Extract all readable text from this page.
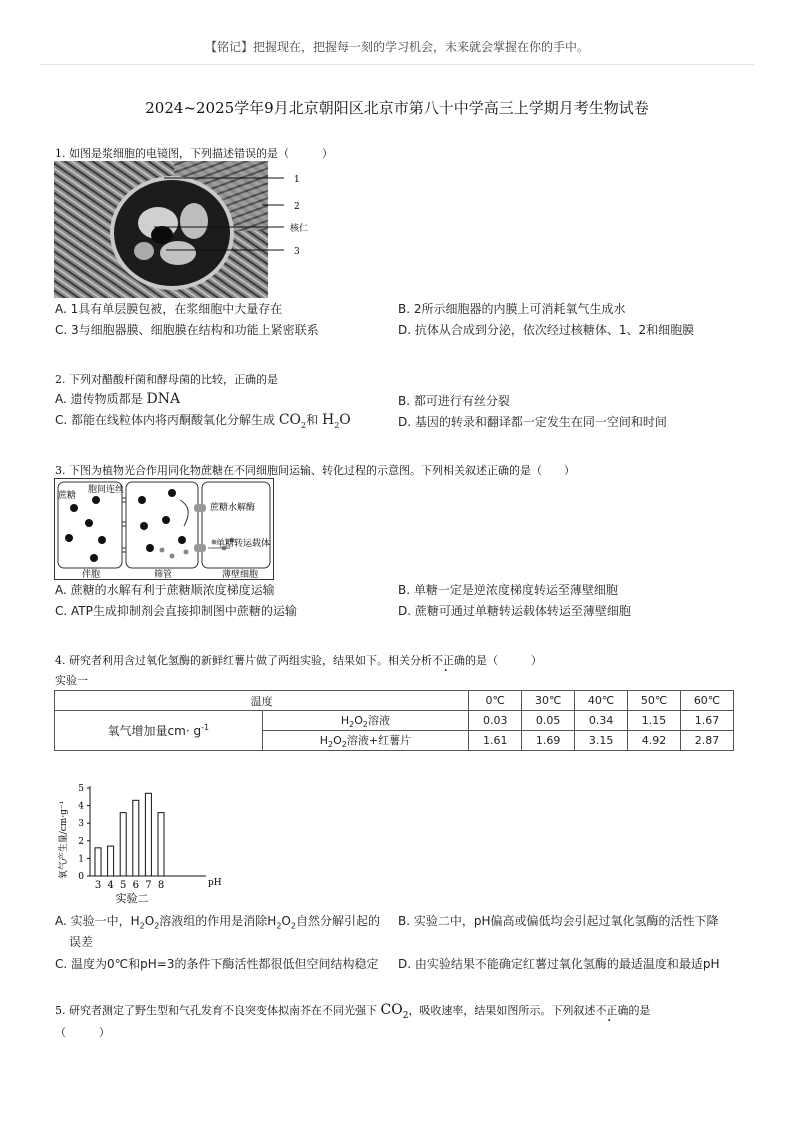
【铭记】把握现在，把握每一刻的学习机会，未来就会掌握在你的手中。
2024~2025学年9月北京朝阳区北京市第八十中学高三上学期月考生物试卷
1. 如图是浆细胞的电镜图，下列描述错误的是（　　　）
1
2
核仁
3
A. 1具有单层膜包被，在浆细胞中大量存在	B. 2所示细胞器的内膜上可消耗氧气生成水
C. 3与细胞器膜、细胞膜在结构和功能上紧密联系	D. 抗体从合成到分泌，依次经过核糖体、1、2和细胞膜
2. 下列对醋酸杆菌和酵母菌的比较，正确的是
A. 遗传物质都是 DNA	B. 都可进行有丝分裂
C. 都能在线粒体内将丙酮酸氧化分解生成 $CO_2$和 $H_2O$	D. 基因的转录和翻译都一定发生在同一空间和时间
3. 下图为植物光合作用同化物蔗糖在不同细胞间运输、转化过程的示意图。下列相关叙述正确的是（　　）
蔗糖
胞间连丝
蔗糖水解酶
单糖转运载体
伴胞	筛管	薄壁细胞
A. 蔗糖的水解有利于蔗糖顺浓度梯度运输	B. 单糖一定是逆浓度梯度转运至薄壁细胞
C. ATP生成抑制剂会直接抑制图中蔗糖的运输	D. 蔗糖可通过单糖转运载体转运至薄壁细胞
4. 研究者利用含过氧化氢酶的新鲜红薯片做了两组实验，结果如下。相关分析不正确的是（　　　）
实验一
温度		0℃	30℃	40℃	50℃	60℃
氧气增加量$cm\cdot g^{-1}$	$H_2O_2$溶液	0.03	0.05	0.34	1.15	1.67
	$H_2O_2$溶液+红薯片	1.61	1.69	3.15	4.92	2.87
氧气产生量/cm·g⁻¹ 0
1
2
3
4
5
3 4 5 6 7 8	pH
实验二
A. 实验一中，$H_2O_2$溶液组的作用是消除$H_2O_2$自然分解引起的
误差
B. 实验二中，pH偏高或偏低均会引起过氧化氢酶的活性下降
C. 温度为0℃和pH=3的条件下酶活性都很低但空间结构稳定 D. 由实验结果不能确定红薯过氧化氢酶的最适温度和最适pH
5. 研究者测定了野生型和气孔发育不良突变体拟南芥在不同光强下 $CO_2$，吸收速率，结果如图所示。下列叙述不正确的是
（　　　）
